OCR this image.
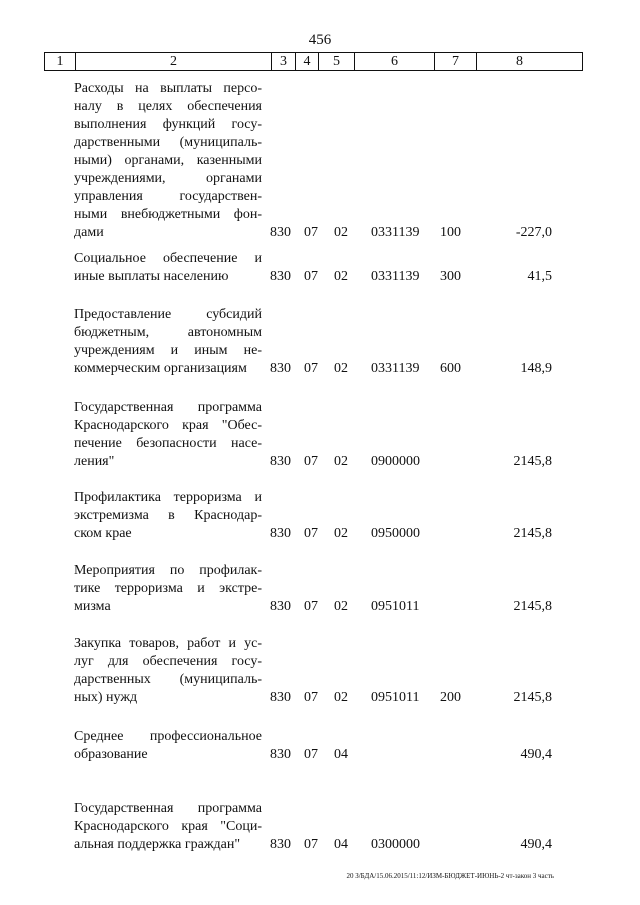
456
1	2	3	4	5	6	7	8
Расходы на выплаты персо-
налу в целях обеспечения
выполнения функций госу-
дарственными (муниципаль-
ными) органами, казенными
учреждениями, органами
управления государствен-
ными внебюджетными фон-
дами	830 07 02 0331139 100	-227,0
Социальное обеспечение и
иные выплаты населению	830 07 02 0331139 300	41,5
Предоставление субсидий
бюджетным, автономным
учреждениям и иным не-
коммерческим организациям	830 07 02 0331139 600	148,9
Государственная программа
Краснодарского края "Обес-
печение безопасности насе-
ления"	830 07 02 0900000	2145,8
Профилактика терроризма и
экстремизма в Краснодар-
ском крае	830 07 02 0950000	2145,8
Мероприятия по профилак-
тике терроризма и экстре-
мизма	830 07 02 0951011	2145,8
Закупка товаров, работ и ус-
луг для обеспечения госу-
дарственных (муниципаль-
ных) нужд	830 07 02 0951011 200	2145,8
Среднее профессиональное
образование	830 07 04	490,4
Государственная программа
Краснодарского края "Соци-
альная поддержка граждан"	830 07 04 0300000	490,4
20 З/БДА/15.06.2015/11:12/ИЗМ-БЮДЖЕТ-ИЮНЬ-2 чт-закон 3 часть
